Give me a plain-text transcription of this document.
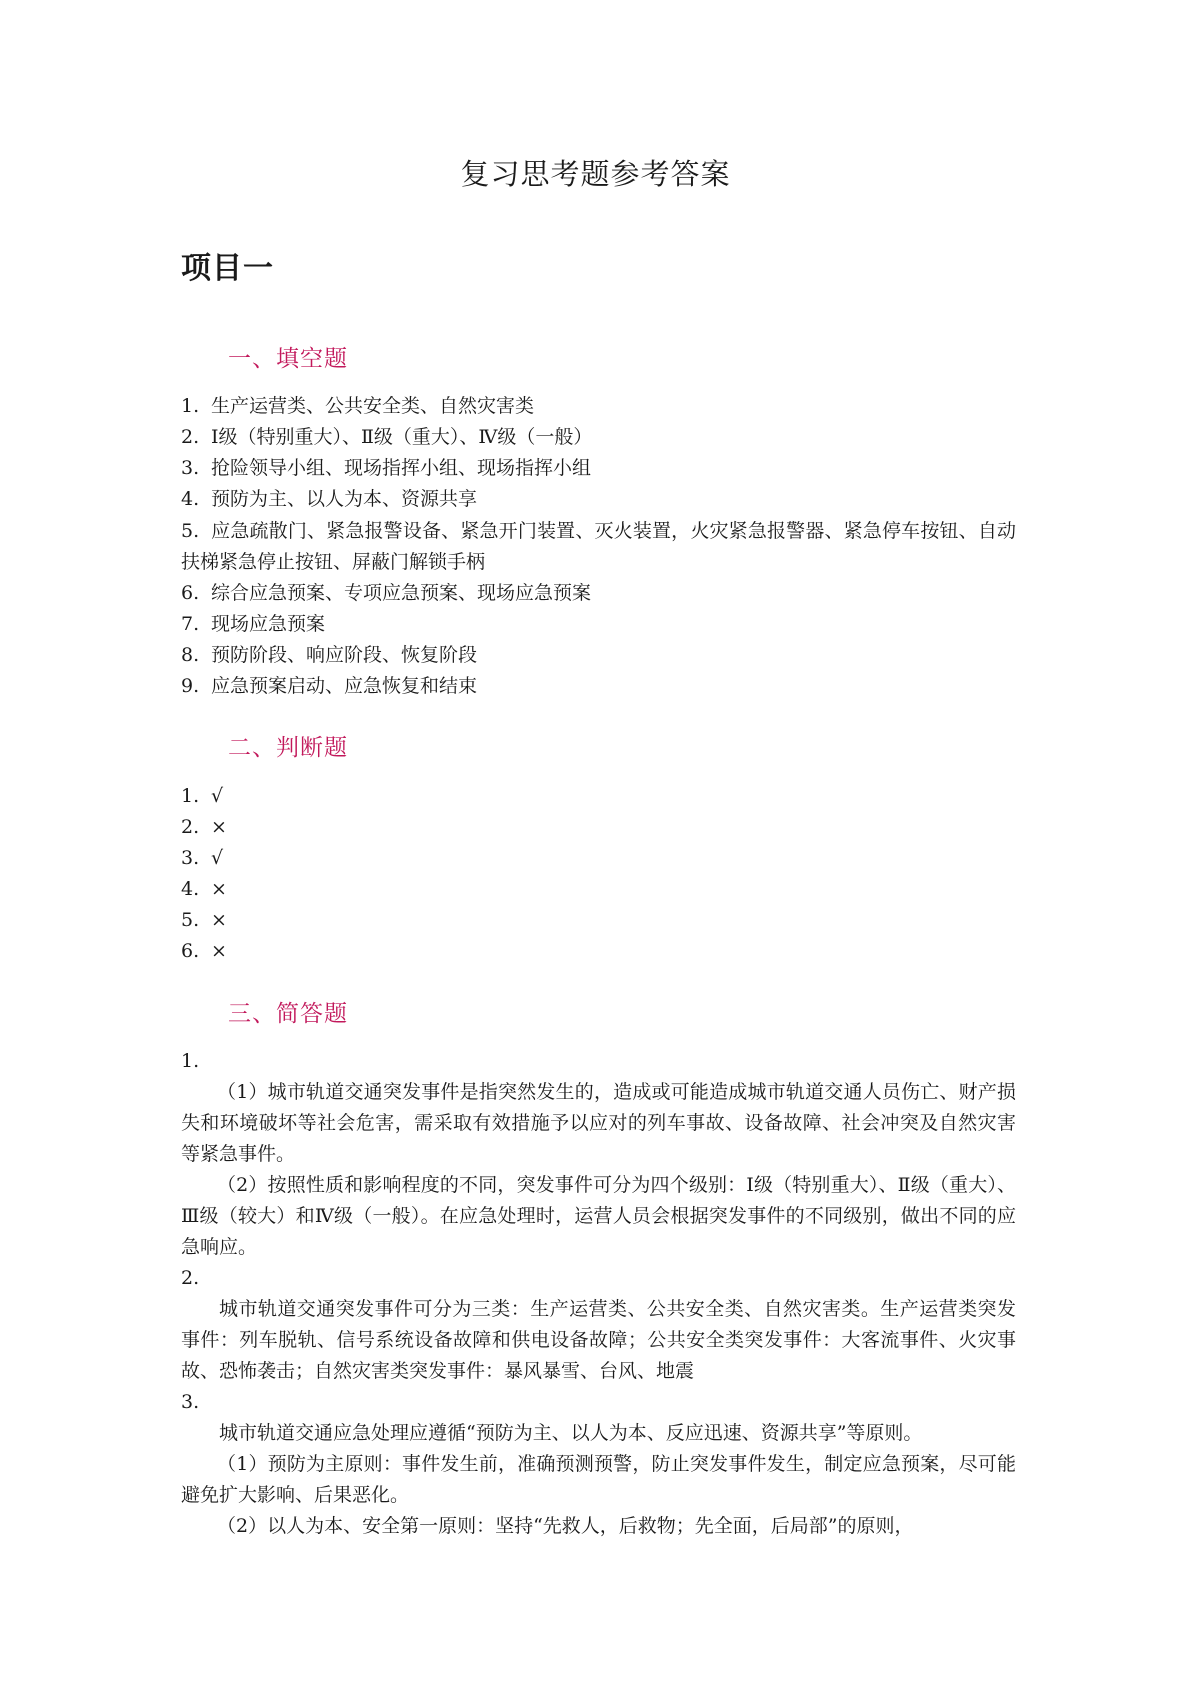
复习思考题参考答案
项目一
一、填空题
1. 生产运营类、公共安全类、自然灾害类
2. Ⅰ级（特别重大）、Ⅱ级（重大）、Ⅳ级（一般）
3. 抢险领导小组、现场指挥小组、现场指挥小组
4. 预防为主、以人为本、资源共享
5. 应急疏散门、紧急报警设备、紧急开门装置、灭火装置，火灾紧急报警器、紧急停车按钮、自动扶梯紧急停止按钮、屏蔽门解锁手柄
6. 综合应急预案、专项应急预案、现场应急预案
7. 现场应急预案
8. 预防阶段、响应阶段、恢复阶段
9. 应急预案启动、应急恢复和结束
二、判断题
1. √
2. ×
3. √
4. ×
5. ×
6. ×
三、简答题
1.
（1）城市轨道交通突发事件是指突然发生的，造成或可能造成城市轨道交通人员伤亡、财产损失和环境破坏等社会危害，需采取有效措施予以应对的列车事故、设备故障、社会冲突及自然灾害等紧急事件。
（2）按照性质和影响程度的不同，突发事件可分为四个级别：Ⅰ级（特别重大）、Ⅱ级（重大）、Ⅲ级（较大）和Ⅳ级（一般）。在应急处理时，运营人员会根据突发事件的不同级别，做出不同的应急响应。
2.
城市轨道交通突发事件可分为三类：生产运营类、公共安全类、自然灾害类。生产运营类突发事件：列车脱轨、信号系统设备故障和供电设备故障；公共安全类突发事件：大客流事件、火灾事故、恐怖袭击；自然灾害类突发事件：暴风暴雪、台风、地震
3.
城市轨道交通应急处理应遵循“预防为主、以人为本、反应迅速、资源共享”等原则。
（1）预防为主原则：事件发生前，准确预测预警，防止突发事件发生，制定应急预案，尽可能避免扩大影响、后果恶化。
（2）以人为本、安全第一原则：坚持“先救人，后救物；先全面，后局部”的原则，
